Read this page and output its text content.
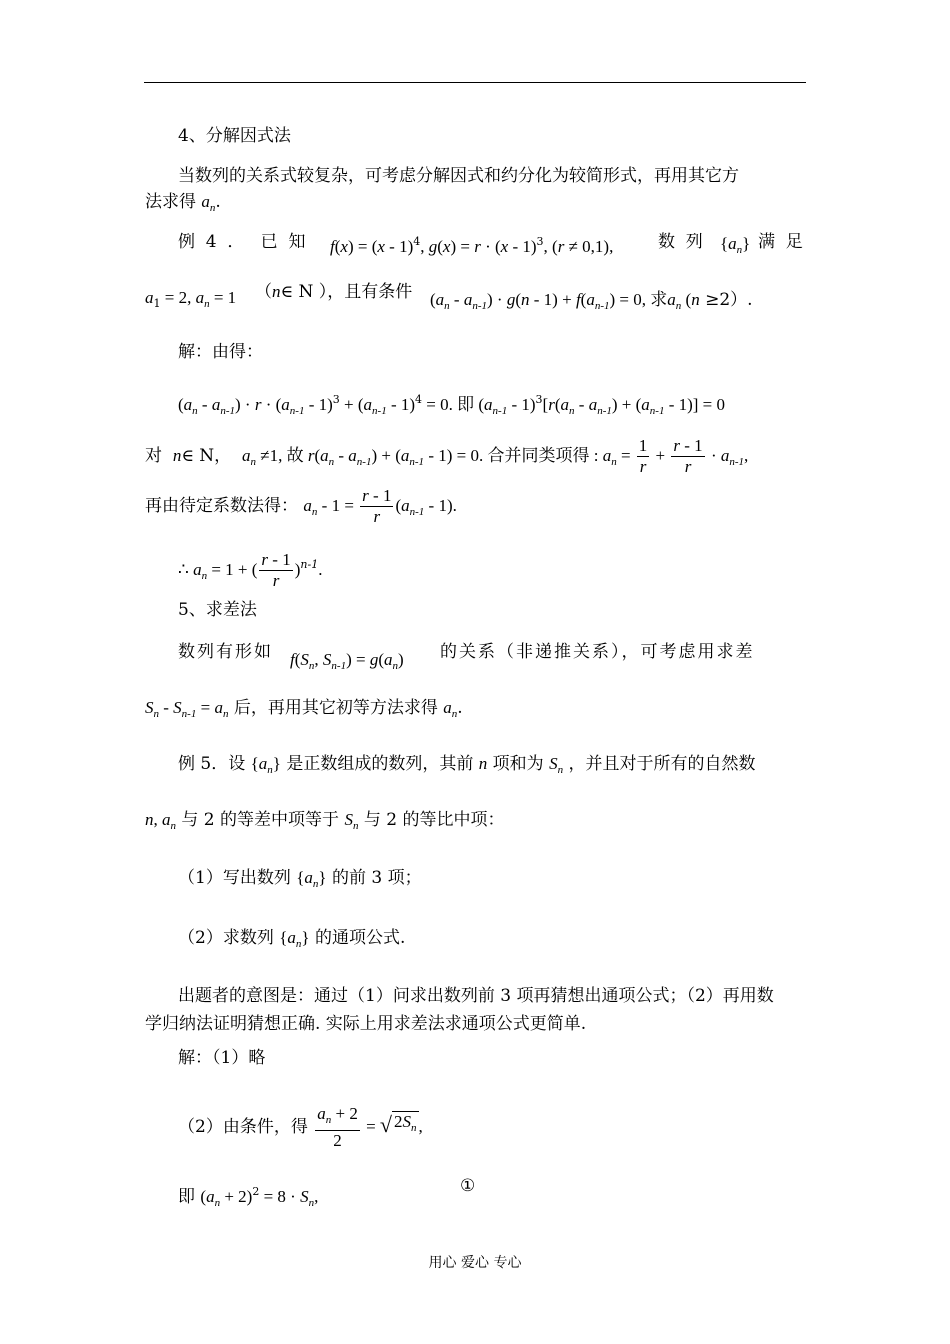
4、分解因式法
当数列的关系式较复杂，可考虑分解因式和约分化为较简形式，再用其它方
法求得 $a_n$.
例  4  ．   已  知 f(x) = (x - 1)$^4$, g(x) = r · (x - 1)$^3$, (r ≠ 0,1),	数  列 $\{a_n\}$ 满  足
$a_1 = 2$, $a_n = 1$ （n∈ N ），且有条件 $(a_n - a_{n-1}) \cdot g(n - 1) + f(a_{n-1}) = 0$, 求$a_n$ (n ≥2）.
解：由得：
$(a_n - a_{n-1}) \cdot r \cdot (a_{n-1} - 1)^3 + (a_{n-1} - 1)^4 = 0$. 即 $(a_{n-1} - 1)^3[r(a_n - a_{n-1}) + (a_{n-1} - 1)] = 0$
对  n∈ N，  $a_n \ne 1$, 故 $r(a_n - a_{n-1}) + (a_{n-1} - 1) = 0$. 合并同类项得 : $a_n = \frac{1}{r} + \frac{r - 1}{r} \cdot a_{n-1}$,
再由待定系数法得： $a_n - 1 = \frac{r - 1}{r} (a_{n-1} - 1)$.
∴ $a_n = 1$ + ( $\frac{r - 1}{r} )^{n-1}$.
5、求差法
数列有形如 $f(S_n$, $S_{n-1}) = g(a_n)$ 的关系（非递推关系），可考虑用求差
$S_n - S_{n-1} = a_n$ 后，再用其它初等方法求得 $a_n$.
例 5．设 $\{a_n\}$ 是正数组成的数列，其前 n 项和为 $S_n$ ，并且对于所有的自然数
n, $a_n$ 与 2 的等差中项等于 $S_n$ 与 2 的等比中项：
（1）写出数列 $\{a_n\}$ 的前 3 项；
（2）求数列 $\{a_n\}$ 的通项公式.
出题者的意图是：通过（1）问求出数列前 3 项再猜想出通项公式；（2）再用数
学归纳法证明猜想正确. 实际上用求差法求通项公式更简单.
解：（1）略
（2）由条件，得 $\frac{a_n + 2}{2}$ = √ $2S_n$ ,
即 $(a_n + 2)^2 = 8 \cdot S_n$,
①
用心 爱心 专心
